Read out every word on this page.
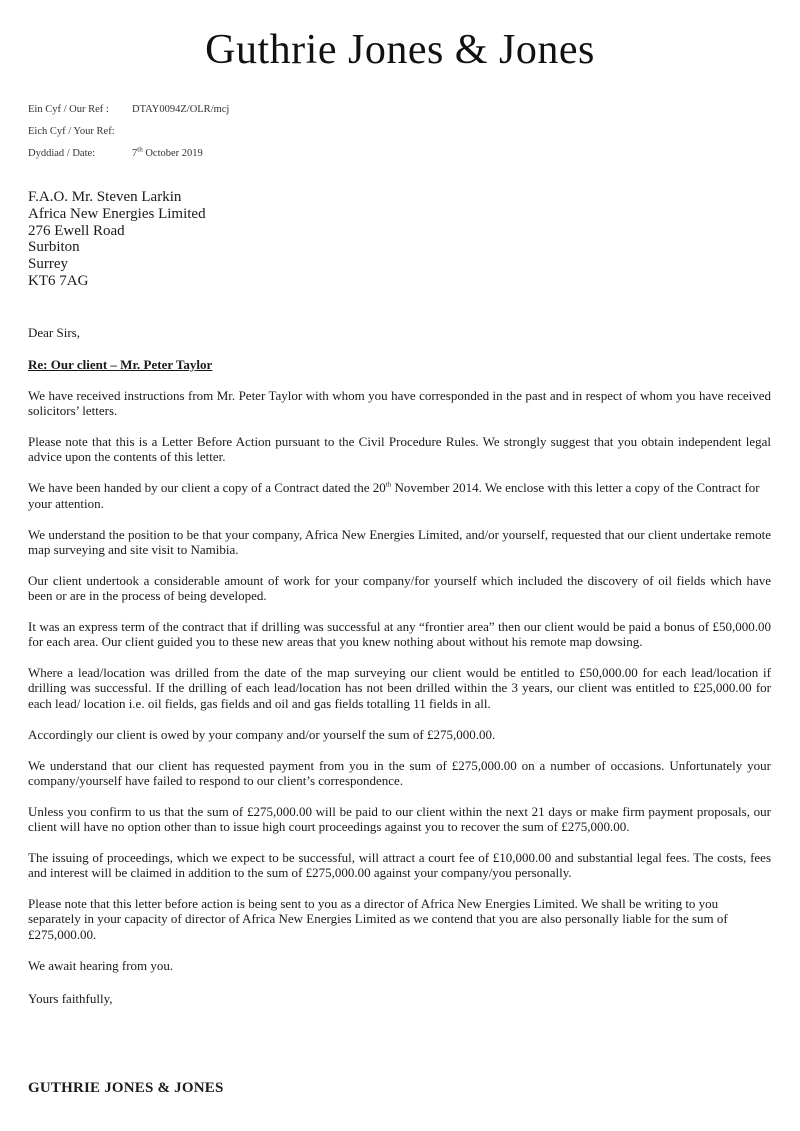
Guthrie Jones & Jones
Ein Cyf / Our Ref :	DTAY0094Z/OLR/mcj
Eich Cyf / Your Ref:
Dyddiad / Date:	7th October 2019
F.A.O. Mr. Steven Larkin
Africa New Energies Limited
276 Ewell Road
Surbiton
Surrey
KT6 7AG
Dear Sirs,
Re: Our client – Mr. Peter Taylor

We have received instructions from Mr. Peter Taylor with whom you have corresponded in the past and in respect of whom you have received solicitors’ letters.

Please note that this is a Letter Before Action pursuant to the Civil Procedure Rules. We strongly suggest that you obtain independent legal advice upon the contents of this letter.

We have been handed by our client a copy of a Contract dated the 20th November 2014. We enclose with this letter a copy of the Contract for your attention.

We understand the position to be that your company, Africa New Energies Limited, and/or yourself, requested that our client undertake remote map surveying and site visit to Namibia.

Our client undertook a considerable amount of work for your company/for yourself which included the discovery of oil fields which have been or are in the process of being developed.

It was an express term of the contract that if drilling was successful at any “frontier area” then our client would be paid a bonus of £50,000.00 for each area. Our client guided you to these new areas that you knew nothing about without his remote map dowsing.

Where a lead/location was drilled from the date of the map surveying our client would be entitled to £50,000.00 for each lead/location if drilling was successful. If the drilling of each lead/location has not been drilled within the 3 years, our client was entitled to £25,000.00 for each lead/ location i.e. oil fields, gas fields and oil and gas fields totalling 11 fields in all.

Accordingly our client is owed by your company and/or yourself the sum of £275,000.00.

We understand that our client has requested payment from you in the sum of £275,000.00 on a number of occasions. Unfortunately your company/yourself have failed to respond to our client’s correspondence.

Unless you confirm to us that the sum of £275,000.00 will be paid to our client within the next 21 days or make firm payment proposals, our client will have no option other than to issue high court proceedings against you to recover the sum of £275,000.00.

The issuing of proceedings, which we expect to be successful, will attract a court fee of £10,000.00 and substantial legal fees. The costs, fees and interest will be claimed in addition to the sum of £275,000.00 against your company/you personally.

Please note that this letter before action is being sent to you as a director of Africa New Energies Limited. We shall be writing to you separately in your capacity of director of Africa New Energies Limited as we contend that you are also personally liable for the sum of £275,000.00.

We await hearing from you.

Yours faithfully,
GUTHRIE JONES & JONES
